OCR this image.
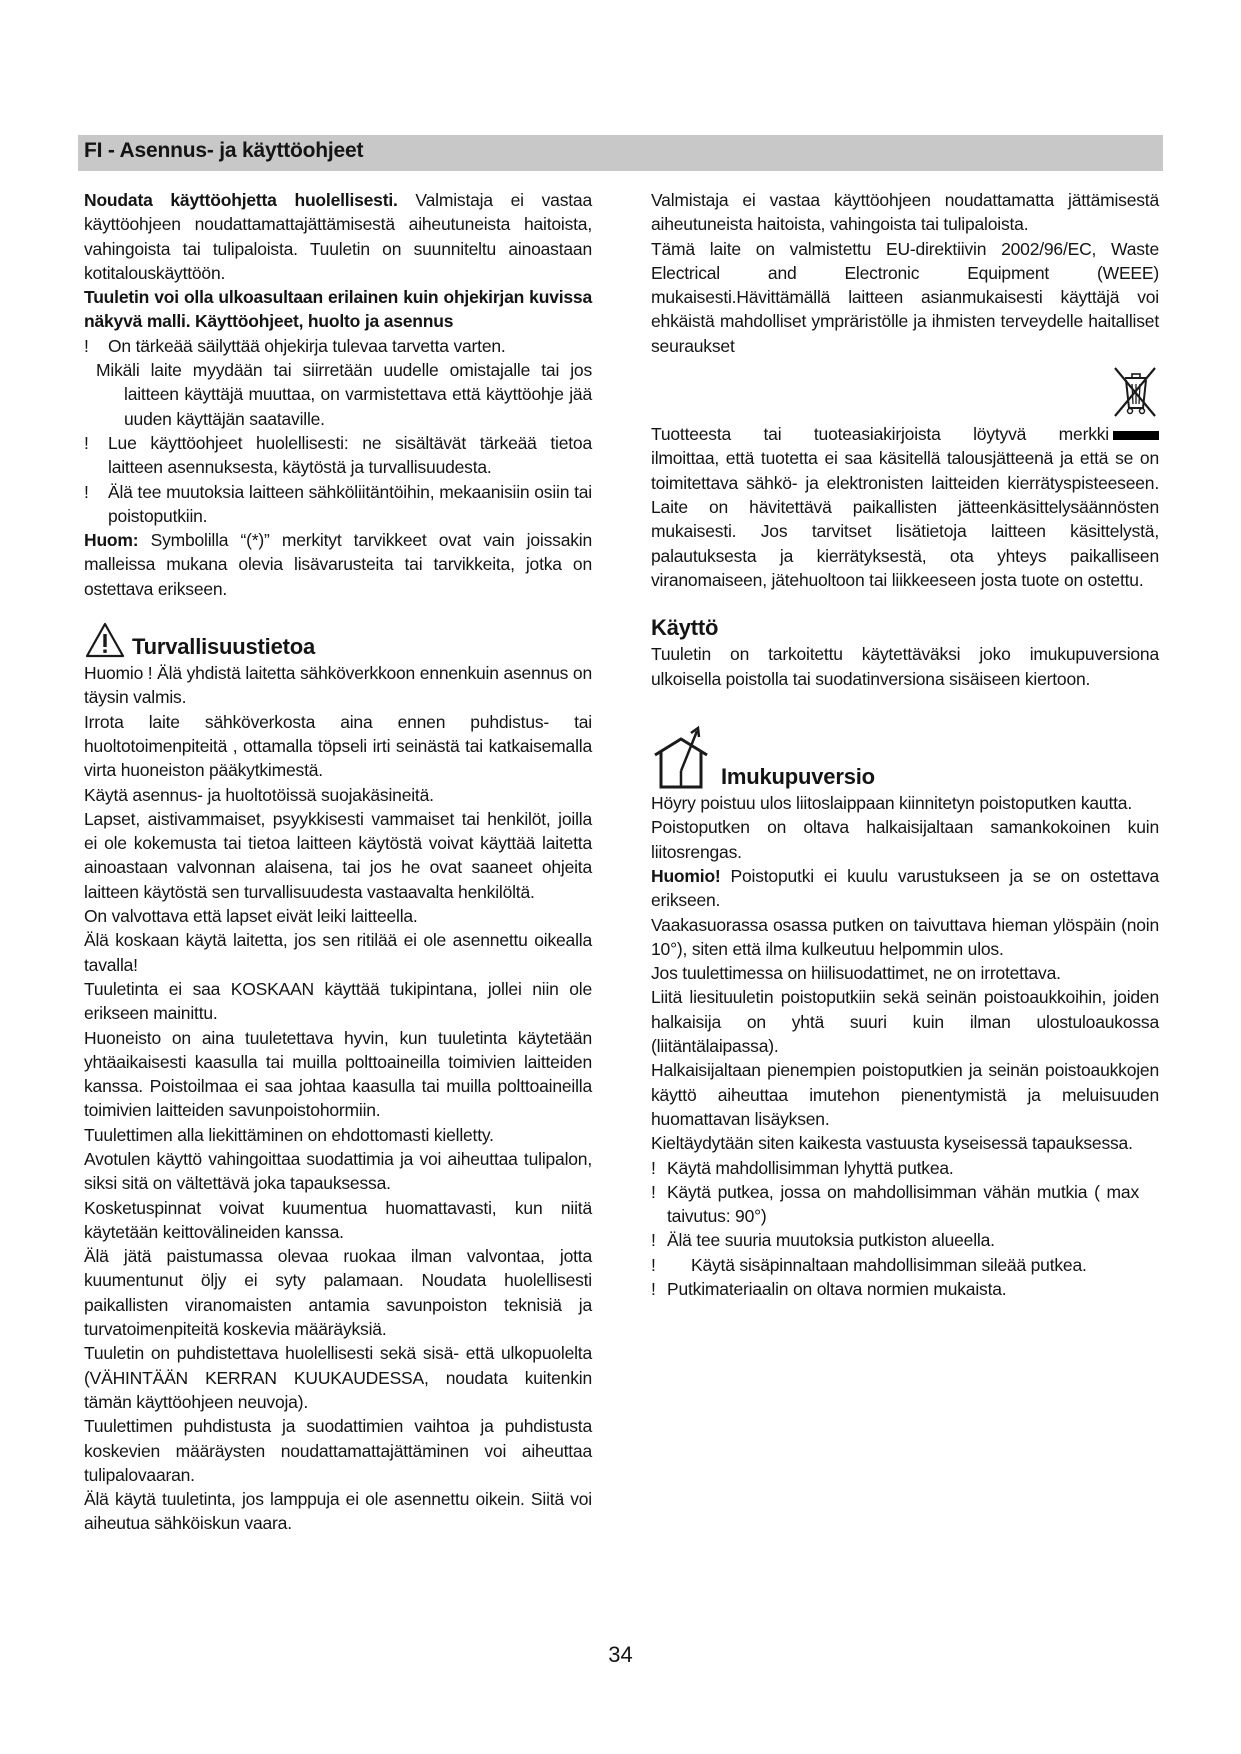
FI - Asennus- ja käyttöohjeet

Noudata käyttöohjetta huolellisesti. Valmistaja ei vastaa käyttöohjeen noudattamattajättämisestä aiheutuneista haitoista, vahingoista tai tulipaloista. Tuuletin on suunniteltu ainoastaan kotitalouskäyttöön.

Tuuletin voi olla ulkoasultaan erilainen kuin ohjekirjan kuvissa näkyvä malli. Käyttöohjeet, huolto ja asennus

!	On tärkeää säilyttää ohjekirja tulevaa tarvetta varten.

Mikäli laite myydään tai siirretään uudelle omistajalle tai jos laitteen käyttäjä muuttaa, on varmistettava että käyttöohje jää uuden käyttäjän saataville.

!	Lue käyttöohjeet huolellisesti: ne sisältävät tärkeää tietoa laitteen asennuksesta, käytöstä ja turvallisuudesta.
!	Älä tee muutoksia laitteen sähköliitäntöihin, mekaanisiin osiin tai poistoputkiin.

Huom: Symbolilla “(*)” merkityt tarvikkeet ovat vain joissakin malleissa mukana olevia lisävarusteita tai tarvikkeita, jotka on ostettava erikseen.

Turvallisuustietoa

Huomio ! Älä yhdistä laitetta sähköverkkoon ennenkuin asennus on täysin valmis.

Irrota laite sähköverkosta aina ennen puhdistus- tai huoltotoimenpiteitä , ottamalla töpseli irti seinästä tai katkaisemalla virta huoneiston pääkytkimestä.

Käytä asennus- ja huoltotöissä suojakäsineitä.

Lapset, aistivammaiset, psyykkisesti vammaiset tai henkilöt, joilla ei ole kokemusta tai tietoa laitteen käytöstä voivat käyttää laitetta ainoastaan valvonnan alaisena, tai jos he ovat saaneet ohjeita laitteen käytöstä sen turvallisuudesta vastaavalta henkilöltä.

On valvottava että lapset eivät leiki laitteella.

Älä koskaan käytä laitetta, jos sen ritilää ei ole asennettu oikealla tavalla!

Tuuletinta ei saa KOSKAAN käyttää tukipintana, jollei niin ole erikseen mainittu.

Huoneisto on aina tuuletettava hyvin, kun tuuletinta käytetään yhtäaikaisesti kaasulla tai muilla polttoaineilla toimivien laitteiden kanssa. Poistoilmaa ei saa johtaa kaasulla tai muilla polttoaineilla toimivien laitteiden savunpoistohormiin.

Tuulettimen alla liekittäminen on ehdottomasti kielletty.

Avotulen käyttö vahingoittaa suodattimia ja voi aiheuttaa tulipalon, siksi sitä on vältettävä joka tapauksessa.

Kosketuspinnat voivat kuumentua huomattavasti, kun niitä käytetään keittovälineiden kanssa.

Älä jätä paistumassa olevaa ruokaa ilman valvontaa, jotta kuumentunut öljy ei syty palamaan. Noudata huolellisesti paikallisten viranomaisten antamia savunpoiston teknisiä ja turvatoimenpiteitä koskevia määräyksiä.

Tuuletin on puhdistettava huolellisesti sekä sisä- että ulkopuolelta (VÄHINTÄÄN KERRAN KUUKAUDESSA, noudata kuitenkin tämän käyttöohjeen neuvoja).

Tuulettimen puhdistusta ja suodattimien vaihtoa ja puhdistusta koskevien määräysten noudattamattajättäminen voi aiheuttaa tulipalovaaran.

Älä käytä tuuletinta, jos lamppuja ei ole asennettu oikein. Siitä voi aiheutua sähköiskun vaara.

Valmistaja ei vastaa käyttöohjeen noudattamatta jättämisestä aiheutuneista haitoista, vahingoista tai tulipaloista.

Tämä laite on valmistettu EU-direktiivin 2002/96/EC, Waste Electrical and Electronic Equipment (WEEE) mukaisesti.Hävittämällä laitteen asianmukaisesti käyttäjä voi ehkäistä mahdolliset ympräristölle ja ihmisten terveydelle haitalliset seuraukset

Tuotteesta tai tuoteasiakirjoista löytyvä merkki

ilmoittaa, että tuotetta ei saa käsitellä talousjätteenä ja että se on toimitettava sähkö- ja elektronisten laitteiden kierrätyspisteeseen. Laite on hävitettävä paikallisten jätteenkäsittelysäännösten mukaisesti. Jos tarvitset lisätietoja laitteen käsittelystä, palautuksesta ja kierrätyksestä, ota yhteys paikalliseen viranomaiseen, jätehuoltoon tai liikkeeseen josta tuote on ostettu.

Käyttö

Tuuletin on tarkoitettu käytettäväksi joko imukupuversiona ulkoisella poistolla tai suodatinversiona sisäiseen kiertoon.

Imukupuversio

Höyry poistuu ulos liitoslaippaan kiinnitetyn poistoputken kautta.

Poistoputken on oltava halkaisijaltaan samankokoinen kuin liitosrengas.

Huomio! Poistoputki ei kuulu varustukseen ja se on ostettava erikseen.

Vaakasuorassa osassa putken on taivuttava hieman ylöspäin (noin 10°), siten että ilma kulkeutuu helpommin ulos.

Jos tuulettimessa on hiilisuodattimet, ne on irrotettava.

Liitä liesituuletin poistoputkiin sekä seinän poistoaukkoihin, joiden halkaisija on yhtä suuri kuin ilman ulostuloaukossa (liitäntälaipassa).

Halkaisijaltaan pienempien poistoputkien ja seinän poistoaukkojen käyttö aiheuttaa imutehon pienentymistä ja meluisuuden huomattavan lisäyksen.

Kieltäydytään siten kaikesta vastuusta kyseisessä tapauksessa.

! Käytä mahdollisimman lyhyttä putkea.
! Käytä putkea, jossa on mahdollisimman vähän mutkia ( max taivutus: 90°)
! Älä tee suuria muutoksia putkiston alueella.
!	Käytä sisäpinnaltaan mahdollisimman sileää putkea.
! Putkimateriaalin on oltava normien mukaista.
34
